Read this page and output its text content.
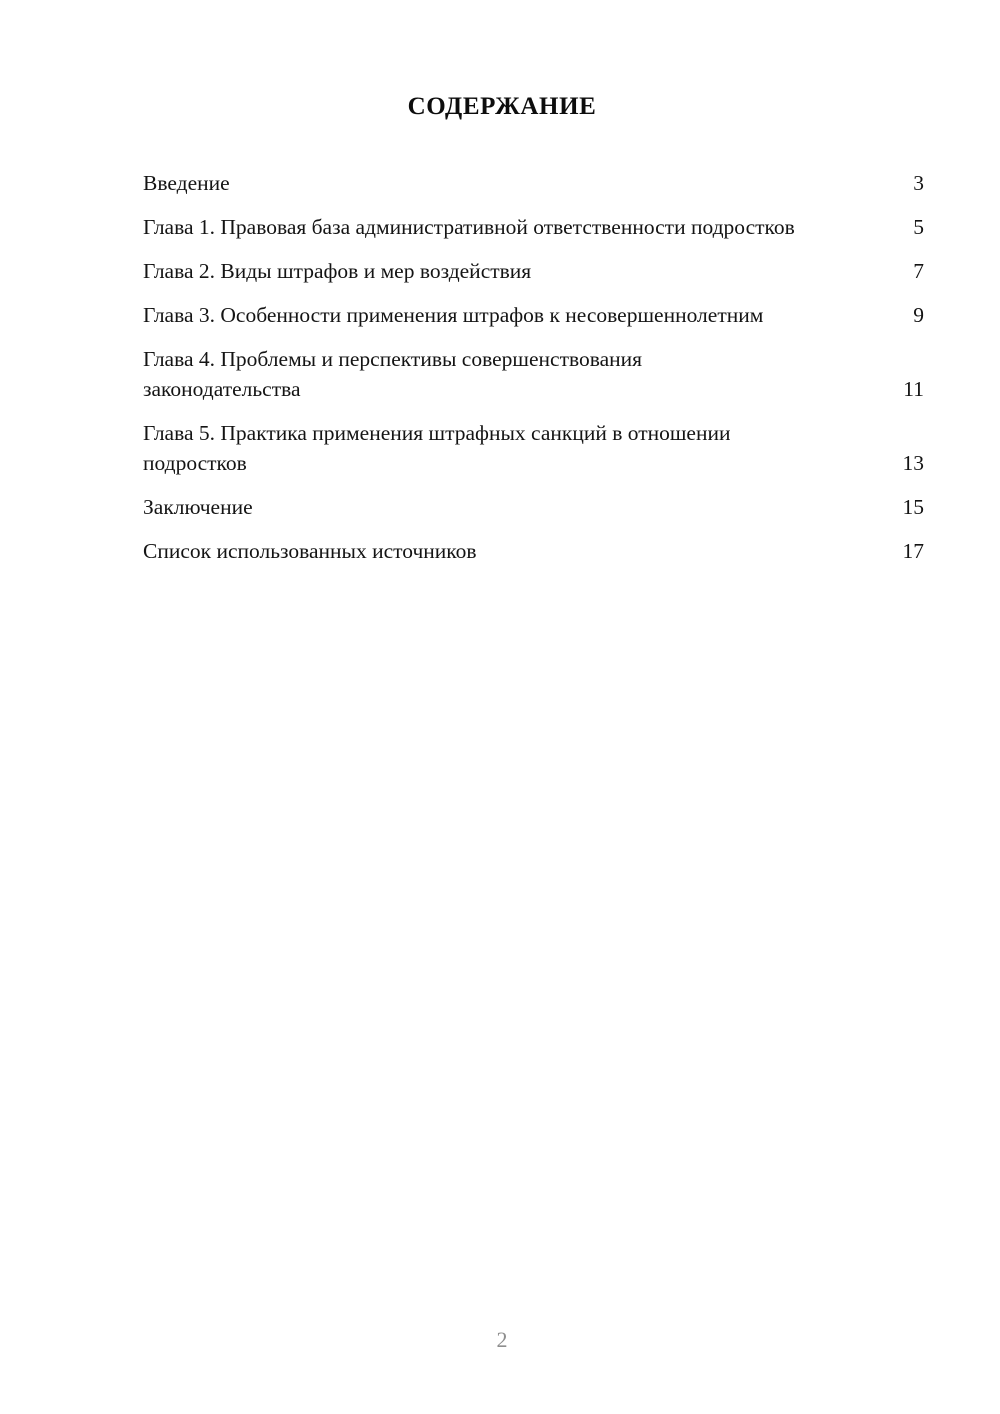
СОДЕРЖАНИЕ
Введение	3
Глава 1. Правовая база административной ответственности подростков	5
Глава 2. Виды штрафов и мер воздействия	7
Глава 3. Особенности применения штрафов к несовершеннолетним	9
Глава 4. Проблемы и перспективы совершенствования законодательства	11
Глава 5. Практика применения штрафных санкций в отношении подростков	13
Заключение	15
Список использованных источников	17
2
